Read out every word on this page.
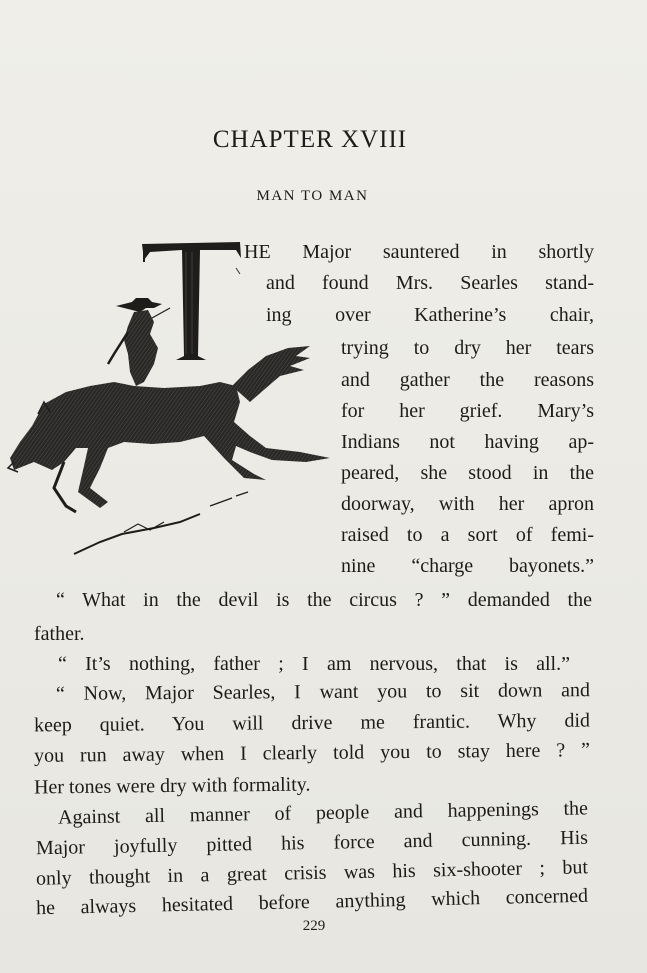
CHAPTER XVIII
MAN TO MAN
HE Major sauntered in shortly
and found Mrs. Searles stand-
ing over Katherine’s chair,
trying to dry her tears
and gather the reasons
for her grief. Mary’s
Indians not having ap-
peared, she stood in the
doorway, with her apron
raised to a sort of femi-
nine “charge bayonets.”
“ What in the devil is the circus ? ” demanded the
father.
“ It’s nothing, father ; I am nervous, that is all.”
“ Now, Major Searles, I want you to sit down and
keep quiet. You will drive me frantic. Why did
you run away when I clearly told you to stay here ? ”
Her tones were dry with formality.
Against all manner of people and happenings the
Major joyfully pitted his force and cunning. His
only thought in a great crisis was his six-shooter ; but
he always hesitated before anything which concerned
229
